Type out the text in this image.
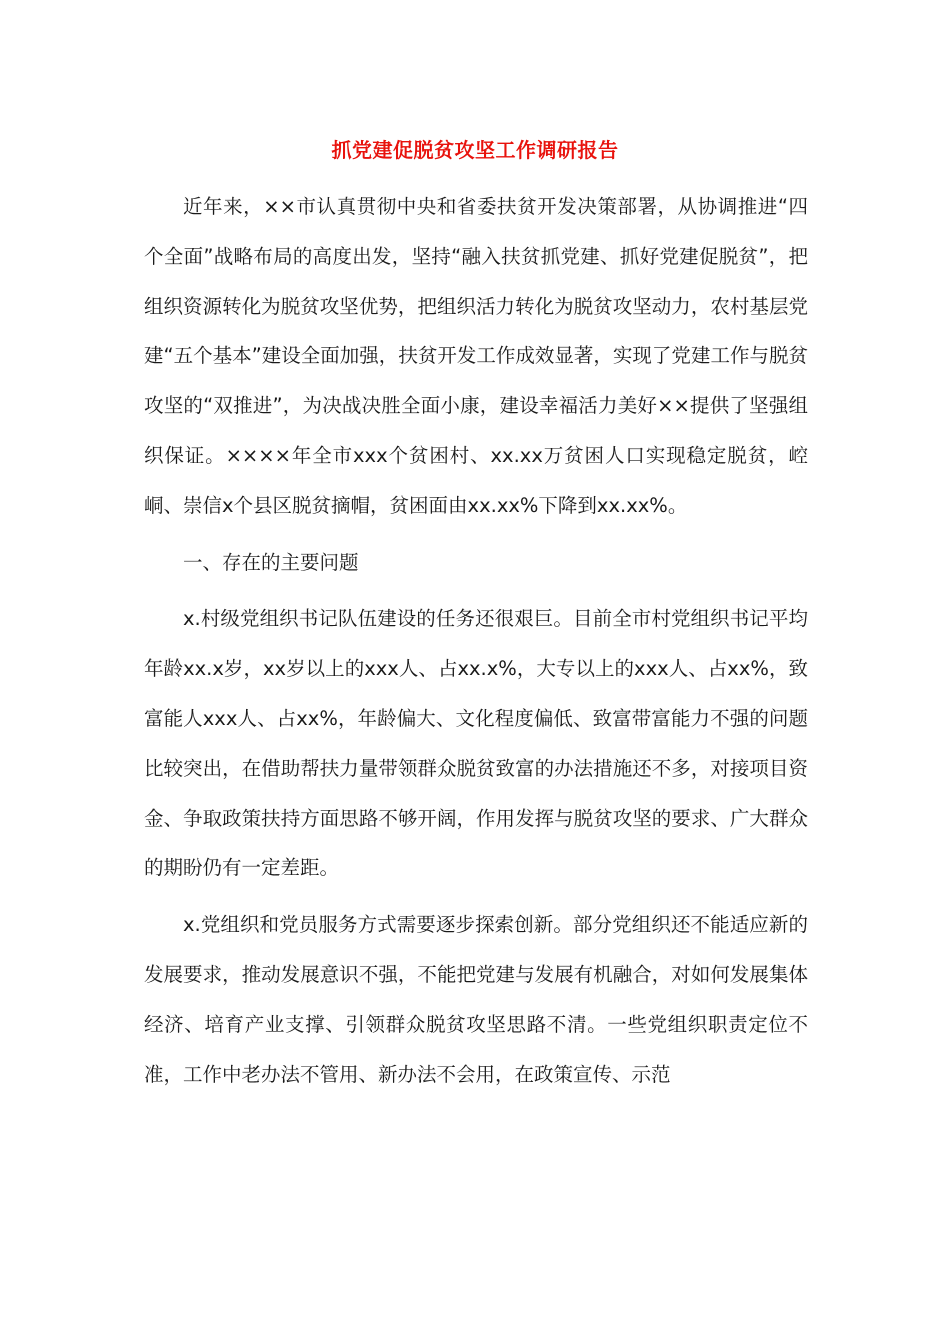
抓党建促脱贫攻坚工作调研报告

近年来，××市认真贯彻中央和省委扶贫开发决策部署，从协调推进“四个全面”战略布局的高度出发，坚持“融入扶贫抓党建、抓好党建促脱贫”，把组织资源转化为脱贫攻坚优势，把组织活力转化为脱贫攻坚动力，农村基层党建“五个基本”建设全面加强，扶贫开发工作成效显著，实现了党建工作与脱贫攻坚的“双推进”，为决战决胜全面小康，建设幸福活力美好××提供了坚强组织保证。××××年全市xxx个贫困村、xx.xx万贫困人口实现稳定脱贫，崆峒、崇信x个县区脱贫摘帽，贫困面由xx.xx%下降到xx.xx%。

一、存在的主要问题

x.村级党组织书记队伍建设的任务还很艰巨。目前全市村党组织书记平均年龄xx.x岁，xx岁以上的xxx人、占xx.x%，大专以上的xxx人、占xx%，致富能人xxx人、占xx%，年龄偏大、文化程度偏低、致富带富能力不强的问题比较突出，在借助帮扶力量带领群众脱贫致富的办法措施还不多，对接项目资金、争取政策扶持方面思路不够开阔，作用发挥与脱贫攻坚的要求、广大群众的期盼仍有一定差距。

x.党组织和党员服务方式需要逐步探索创新。部分党组织还不能适应新的发展要求，推动发展意识不强，不能把党建与发展有机融合，对如何发展集体经济、培育产业支撑、引领群众脱贫攻坚思路不清。一些党组织职责定位不准，工作中老办法不管用、新办法不会用，在政策宣传、示范
